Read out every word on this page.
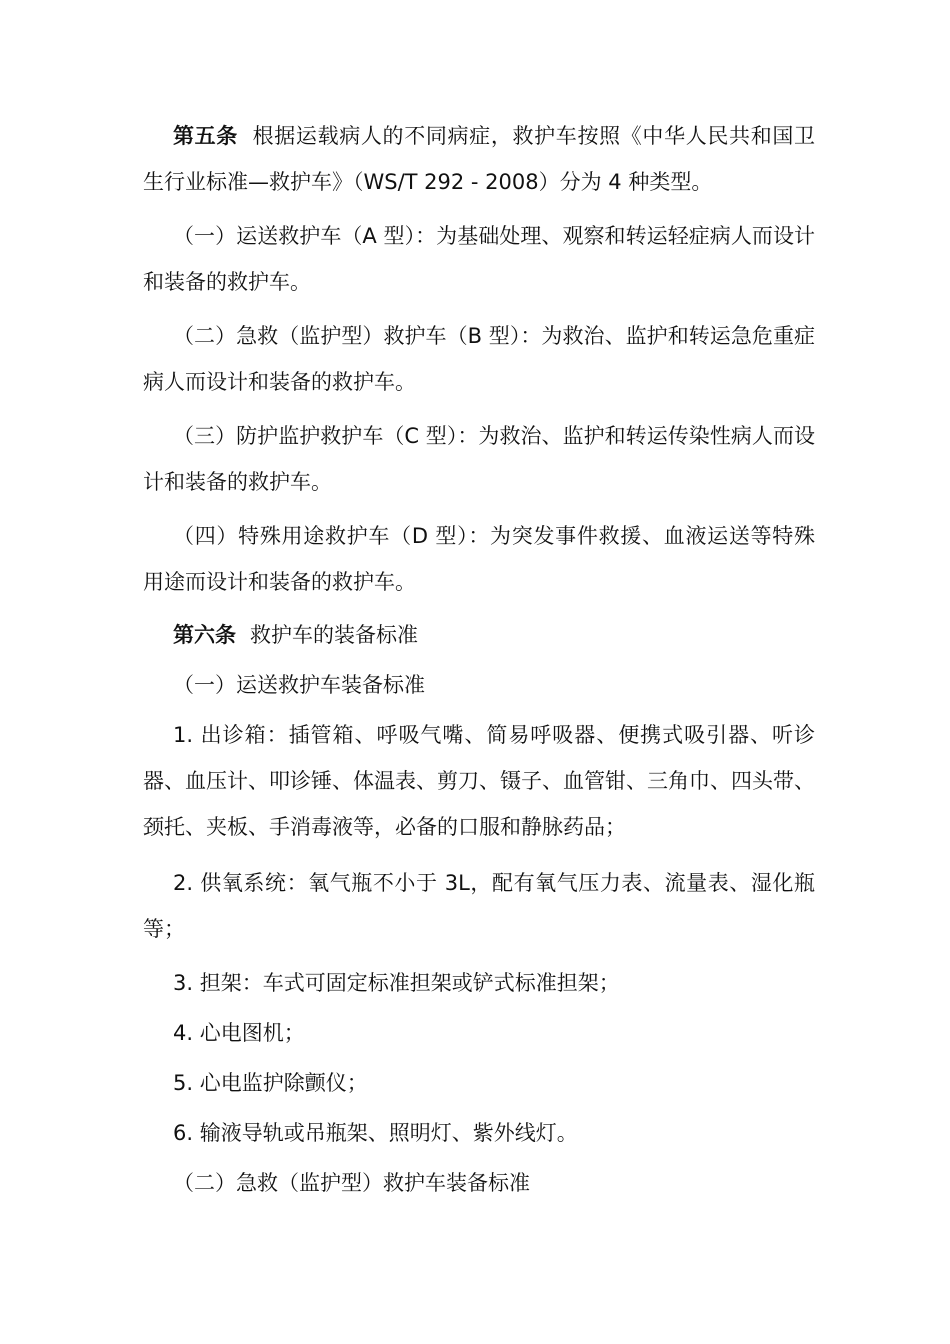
第五条 根据运载病人的不同病症，救护车按照《中华人民共和国卫生行业标准—救护车》（WS/T 292 - 2008）分为 4 种类型。

（一）运送救护车（A 型）：为基础处理、观察和转运轻症病人而设计和装备的救护车。

（二）急救（监护型）救护车（B 型）：为救治、监护和转运急危重症病人而设计和装备的救护车。

（三）防护监护救护车（C 型）：为救治、监护和转运传染性病人而设计和装备的救护车。

（四）特殊用途救护车（D 型）：为突发事件救援、血液运送等特殊用途而设计和装备的救护车。

第六条 救护车的装备标准

（一）运送救护车装备标准

1. 出诊箱：插管箱、呼吸气嘴、简易呼吸器、便携式吸引器、听诊器、血压计、叩诊锤、体温表、剪刀、镊子、血管钳、三角巾、四头带、颈托、夹板、手消毒液等，必备的口服和静脉药品；

2. 供氧系统：氧气瓶不小于 3L，配有氧气压力表、流量表、湿化瓶等；

3. 担架：车式可固定标准担架或铲式标准担架；

4. 心电图机；

5. 心电监护除颤仪；

6. 输液导轨或吊瓶架、照明灯、紫外线灯。

（二）急救（监护型）救护车装备标准
